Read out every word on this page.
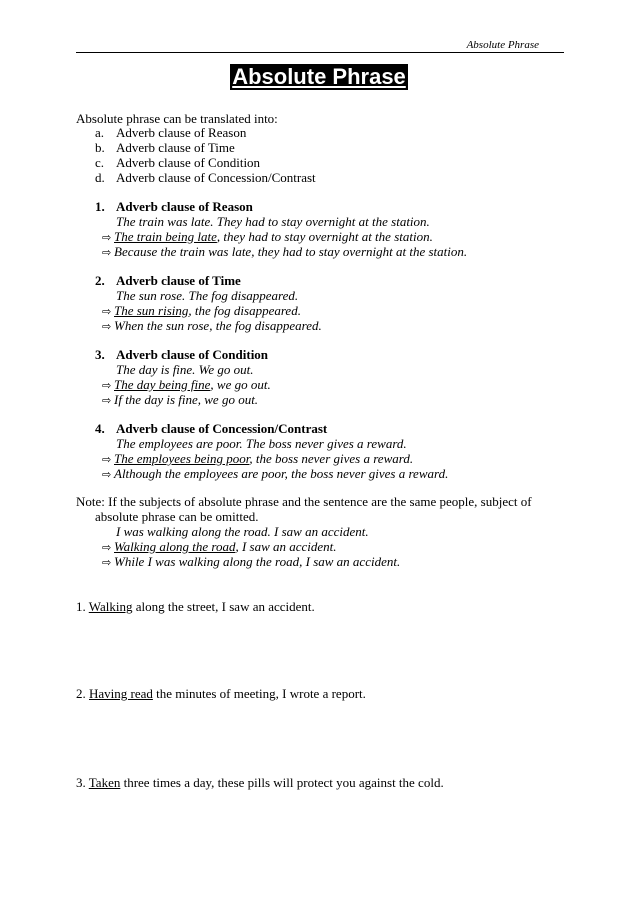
Absolute Phrase
Absolute Phrase
Absolute phrase can be translated into:
a. Adverb clause of Reason
b. Adverb clause of Time
c. Adverb clause of Condition
d. Adverb clause of Concession/Contrast
1. Adverb clause of Reason
The train was late. They had to stay overnight at the station.
⇨ The train being late, they had to stay overnight at the station.
⇨ Because the train was late, they had to stay overnight at the station.
2. Adverb clause of Time
The sun rose. The fog disappeared.
⇨ The sun rising, the fog disappeared.
⇨ When the sun rose, the fog disappeared.
3. Adverb clause of Condition
The day is fine. We go out.
⇨ The day being fine, we go out.
⇨ If the day is fine, we go out.
4. Adverb clause of Concession/Contrast
The employees are poor. The boss never gives a reward.
⇨ The employees being poor, the boss never gives a reward.
⇨ Although the employees are poor, the boss never gives a reward.
Note: If the subjects of absolute phrase and the sentence are the same people, subject of
absolute phrase can be omitted.
I was walking along the road. I saw an accident.
⇨ Walking along the road, I saw an accident.
⇨ While I was walking along the road, I saw an accident.
1. Walking along the street, I saw an accident.
2. Having read the minutes of meeting, I wrote a report.
3. Taken three times a day, these pills will protect you against the cold.
